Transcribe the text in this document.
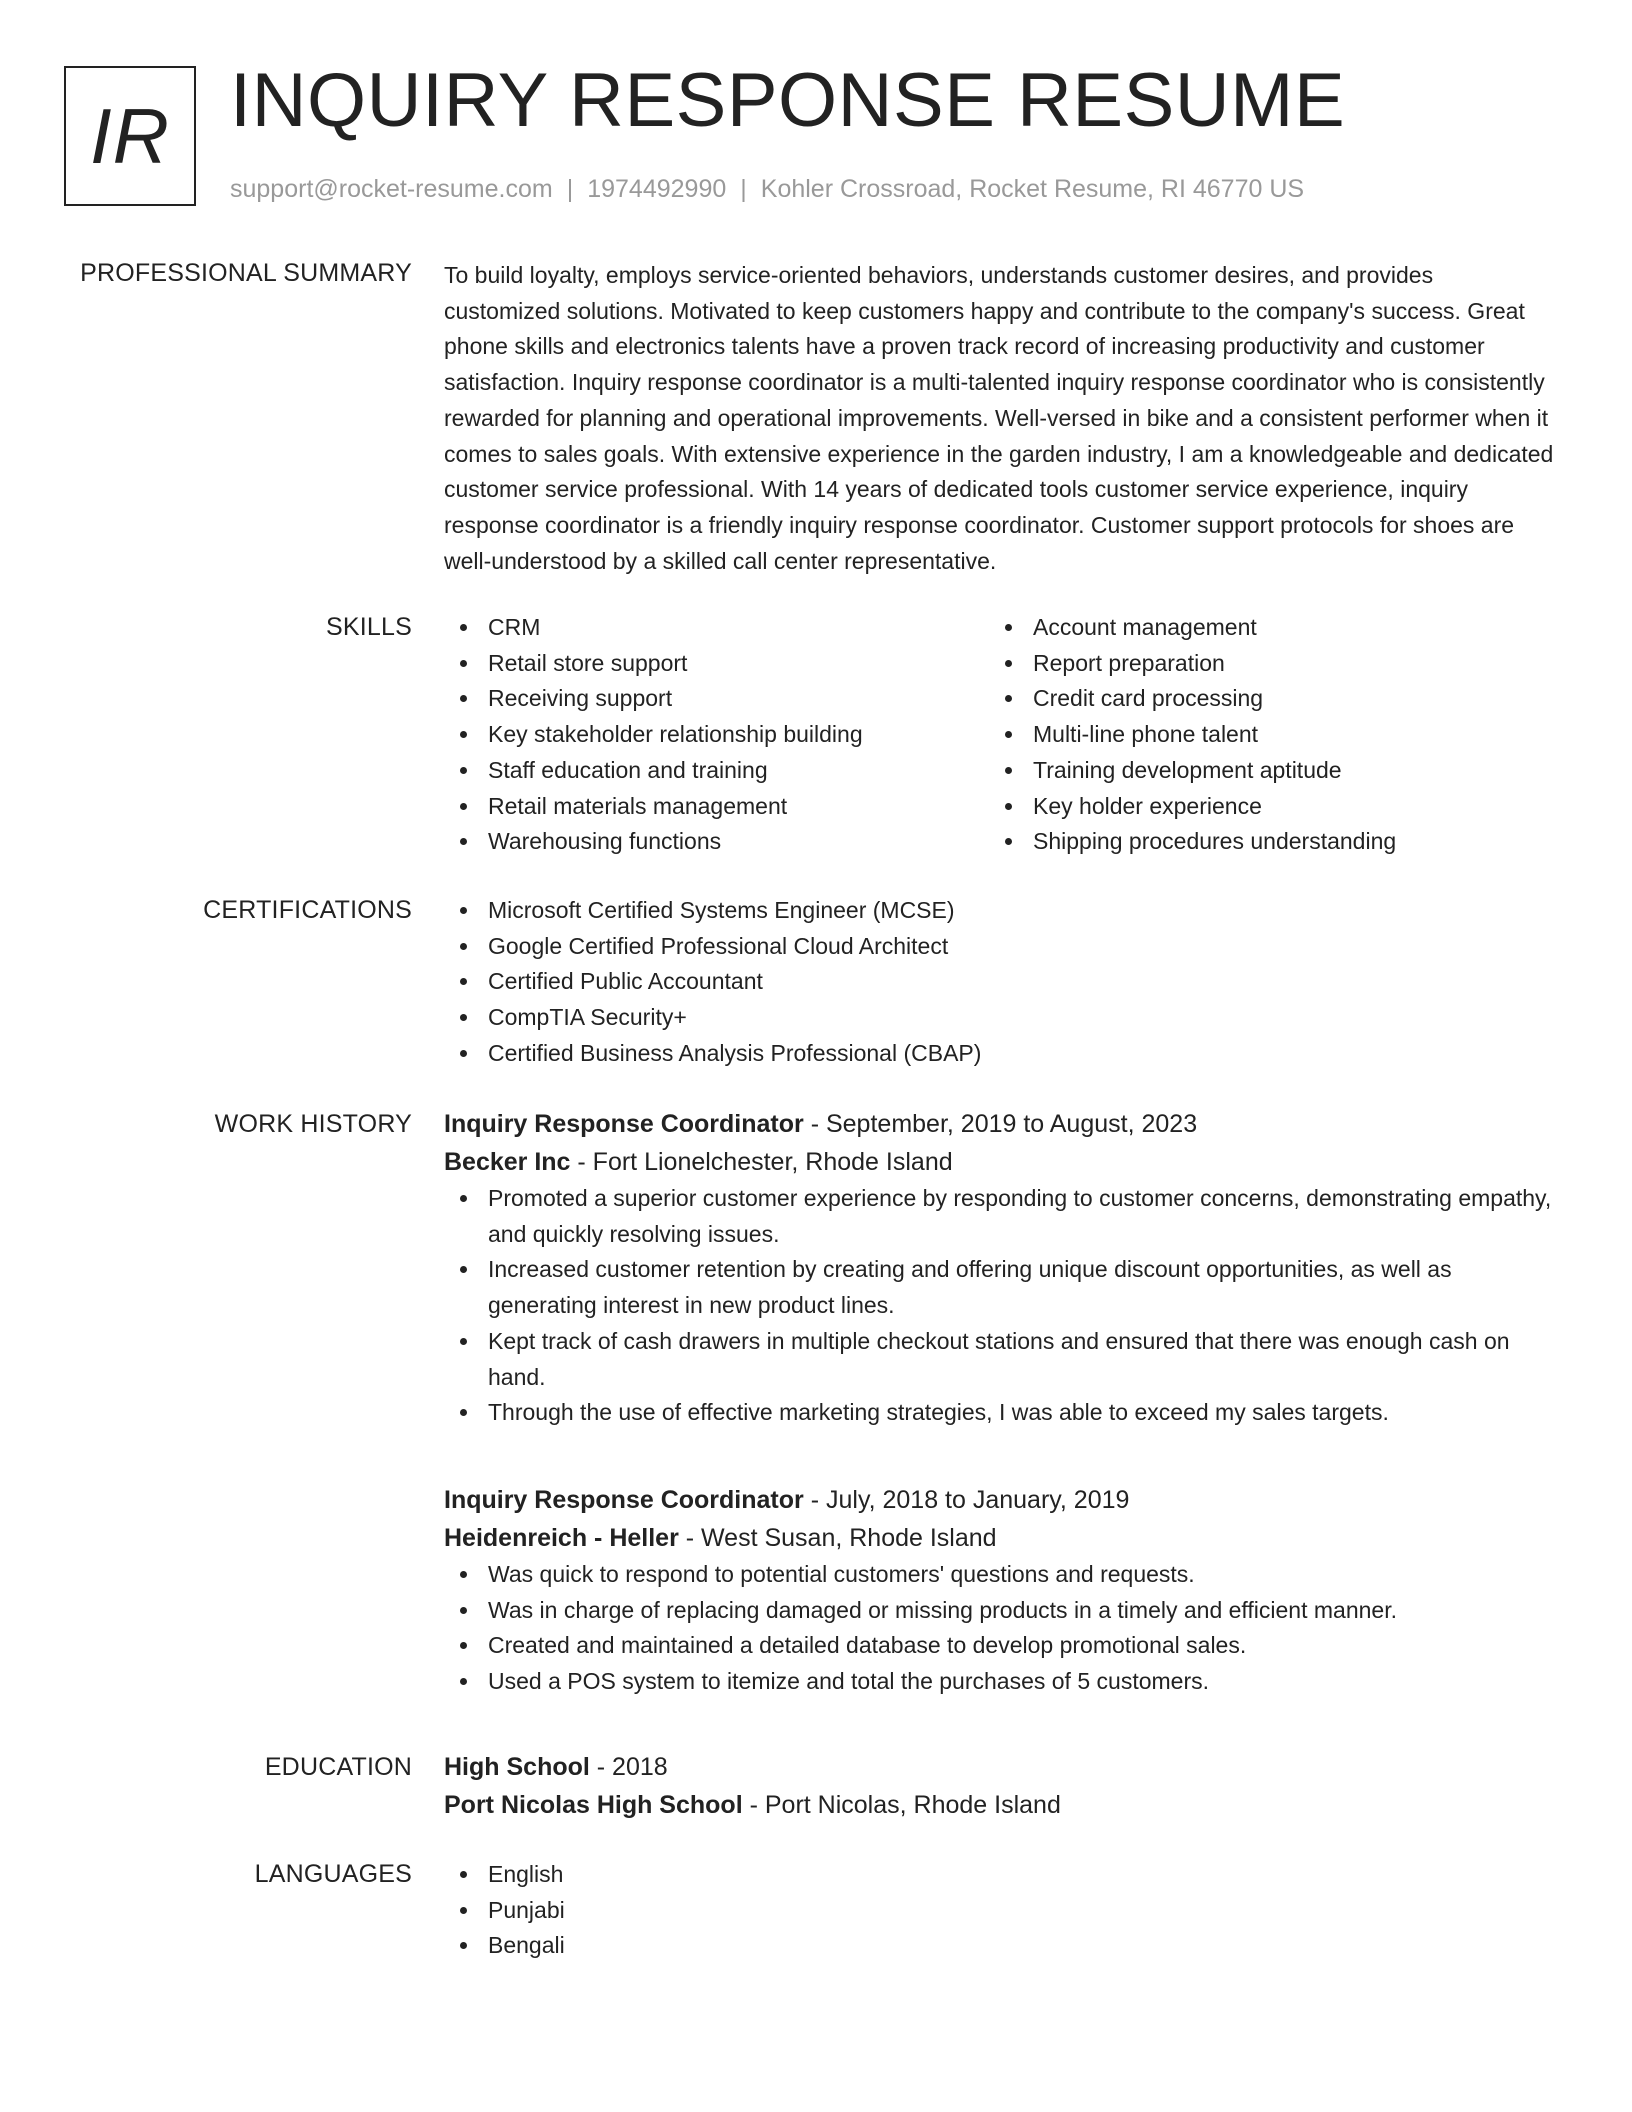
IR INQUIRY RESPONSE RESUME
support@rocket-resume.com | 1974492990 | Kohler Crossroad, Rocket Resume, RI 46770 US
PROFESSIONAL SUMMARY To build loyalty, employs service-oriented behaviors, understands customer desires, and provides customized solutions. Motivated to keep customers happy and contribute to the company's success. Great phone skills and electronics talents have a proven track record of increasing productivity and customer satisfaction. Inquiry response coordinator is a multi-talented inquiry response coordinator who is consistently rewarded for planning and operational improvements. Well-versed in bike and a consistent performer when it comes to sales goals. With extensive experience in the garden industry, I am a knowledgeable and dedicated customer service professional. With 14 years of dedicated tools customer service experience, inquiry response coordinator is a friendly inquiry response coordinator. Customer support protocols for shoes are well-understood by a skilled call center representative.

SKILLS	CRM
Retail store support
Receiving support
Key stakeholder relationship building
Staff education and training
Retail materials management
Warehousing functions
Account management
Report preparation
Credit card processing
Multi-line phone talent
Training development aptitude
Key holder experience
Shipping procedures understanding
CERTIFICATIONS	Microsoft Certified Systems Engineer (MCSE)
Google Certified Professional Cloud Architect
Certified Public Accountant
CompTIA Security+
Certified Business Analysis Professional (CBAP)
WORK HISTORY Inquiry Response Coordinator - September, 2019 to August, 2023
Becker Inc - Fort Lionelchester, Rhode Island
Promoted a superior customer experience by responding to customer concerns, demonstrating empathy, and quickly resolving issues.
Increased customer retention by creating and offering unique discount opportunities, as well as generating interest in new product lines.
Kept track of cash drawers in multiple checkout stations and ensured that there was enough cash on hand.
Through the use of effective marketing strategies, I was able to exceed my sales targets.
Inquiry Response Coordinator - July, 2018 to January, 2019
Heidenreich - Heller - West Susan, Rhode Island
Was quick to respond to potential customers' questions and requests.
Was in charge of replacing damaged or missing products in a timely and efficient manner.
Created and maintained a detailed database to develop promotional sales.
Used a POS system to itemize and total the purchases of 5 customers.
EDUCATION High School - 2018
Port Nicolas High School - Port Nicolas, Rhode Island
LANGUAGES	English
Punjabi
Bengali
